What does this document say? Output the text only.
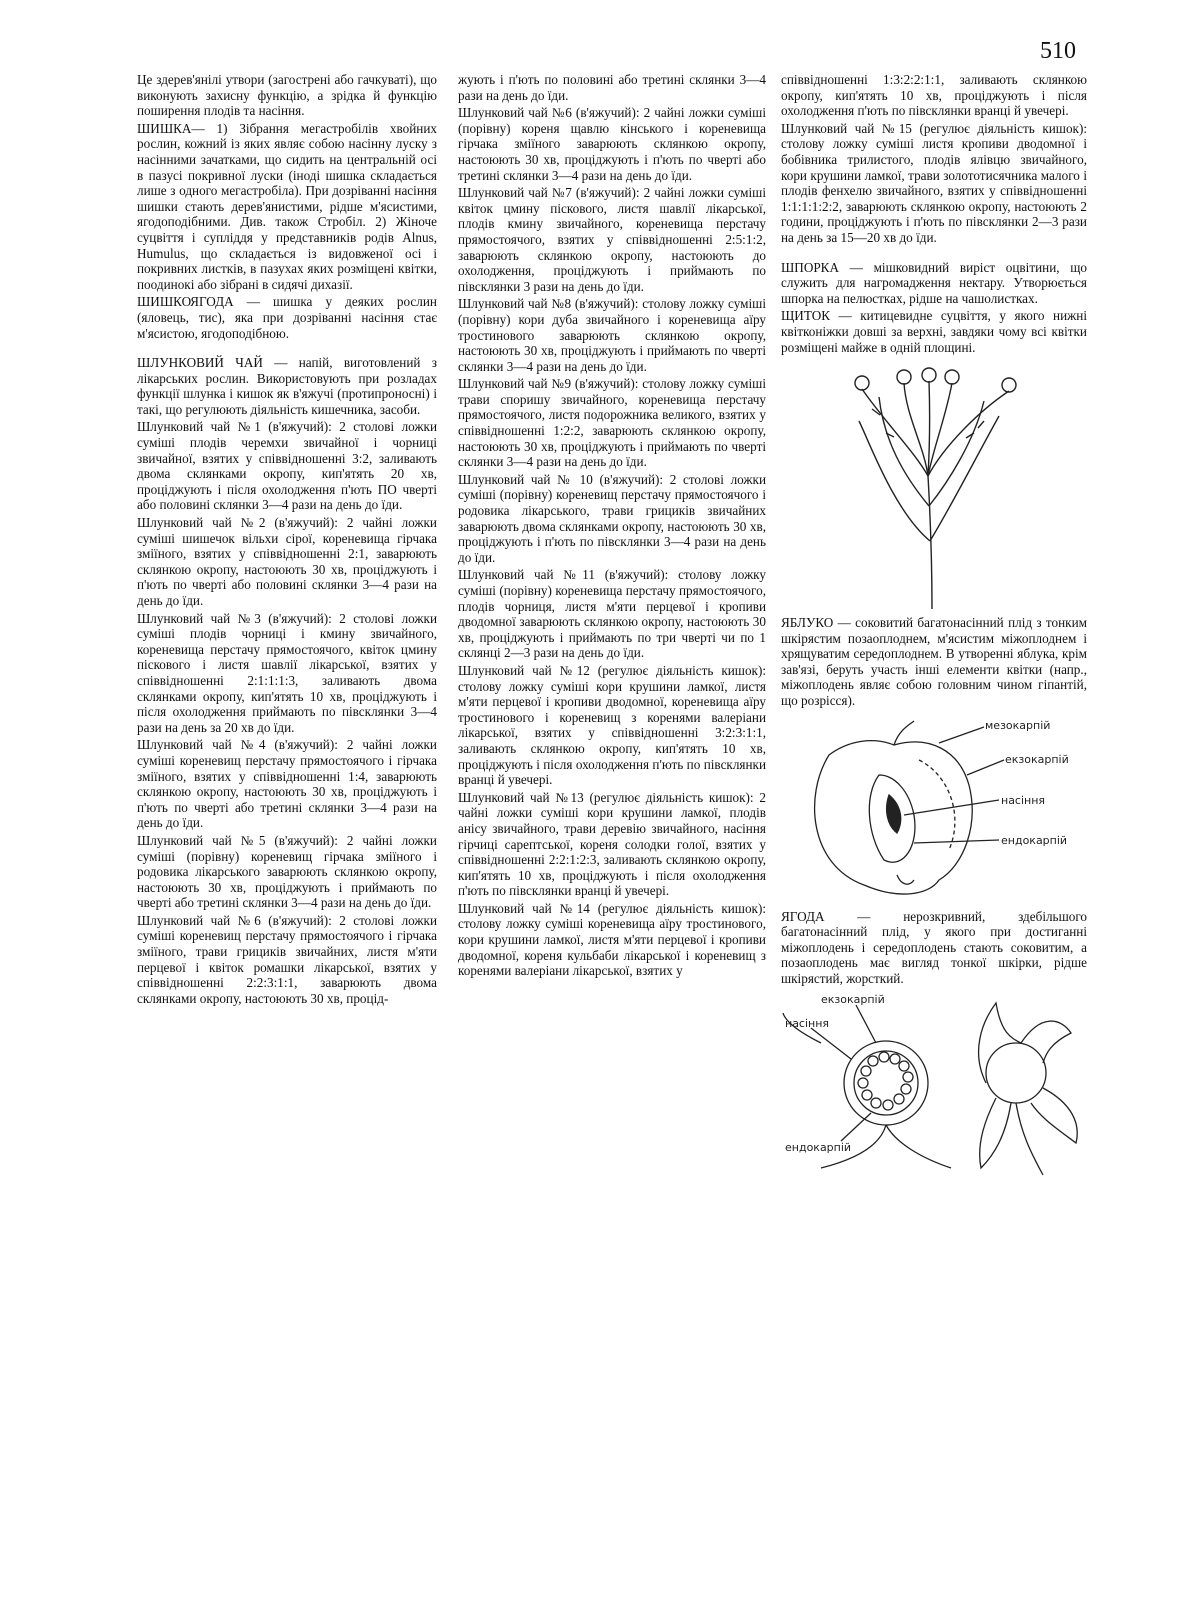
510

Це здерев'янілі утвори (загострені або гачкуваті), що виконують захисну функцію, а зрідка й функцію поширення плодів та насіння.

ШИШКА— 1) Зібрання мегастробілів хвойних рослин, кожний із яких являє собою насінну луску з насінними зачатками, що сидить на центральній осі в пазусі покривної луски (іноді шишка складається лише з одного мегастробіла). При дозріванні насіння шишки стають дерев'янистими, рідше м'ясистими, ягодоподібними. Див. також Стробіл. 2) Жіноче суцвіття і супліддя у представників родів Alnus, Humulus, що складається із видовженої осі і покривних листків, в пазухах яких розміщені квітки, поодинокі або зібрані в сидячі дихазії.

ШИШКОЯГОДА — шишка у деяких рослин (яловець, тис), яка при дозріванні насіння стає м'ясистою, ягодоподібною.

ШЛУНКОВИЙ ЧАЙ — напій, виготовлений з лікарських рослин. Використовують при розладах функції шлунка і кишок як в'яжучі (протипроносні) і такі, що регулюють діяльність кишечника, засоби.

Шлунковий чай №1 (в'яжучий): 2 столові ложки суміші плодів черемхи звичайної і чорниці звичайної, взятих у співвідношенні 3:2, заливають двома склянками окропу, кип'ятять 20 хв, проціджують і після охолодження п'ють ПО чверті або половині склянки 3—4 рази на день до їди.

Шлунковий чай №2 (в'яжучий): 2 чайні ложки суміші шишечок вільхи сірої, кореневища гірчака зміїного, взятих у співвідношенні 2:1, заварюють склянкою окропу, настоюють 30 хв, проціджують і п'ють по чверті або половині склянки 3—4 рази на день до їди.

Шлунковий чай №3 (в'яжучий): 2 столові ложки суміші плодів чорниці і кмину звичайного, кореневища перстачу прямостоячого, квіток цмину піскового і листя шавлії лікарської, взятих у співвідношенні 2:1:1:1:3, заливають двома склянками окропу, кип'ятять 10 хв, проціджують і після охолодження приймають по півсклянки 3—4 рази на день за 20 хв до їди.

Шлунковий чай №4 (в'яжучий): 2 чайні ложки суміші кореневищ перстачу прямостоячого і гірчака зміїного, взятих у співвідношенні 1:4, заварюють склянкою окропу, настоюють 30 хв, проціджують і п'ють по чверті або третині склянки 3—4 рази на день до їди.

Шлунковий чай №5 (в'яжучий): 2 чайні ложки суміші (порівну) кореневищ гірчака зміїного і родовика лікарського заварюють склянкою окропу, настоюють 30 хв, проціджують і приймають по чверті або третині склянки 3—4 рази на день до їди.

Шлунковий чай №6 (в'яжучий): 2 столові ложки суміші кореневищ перстачу прямостоячого і гірчака зміїного, трави грициків звичайних, листя м'яти перцевої і квіток ромашки лікарської, взятих у співвідношенні 2:2:3:1:1, заварюють двома склянками окропу, настоюють 30 хв, процід-

жують і п'ють по половині або третині склянки 3—4 рази на день до їди.

Шлунковий чай №6 (в'яжучий): 2 чайні ложки суміші (порівну) кореня щавлю кінського і кореневища гірчака зміїного заварюють склянкою окропу, настоюють 30 хв, проціджують і п'ють по чверті або третині склянки 3—4 рази на день до їди.

Шлунковий чай №7 (в'яжучий): 2 чайні ложки суміші квіток цмину піскового, листя шавлії лікарської, плодів кмину звичайного, кореневища перстачу прямостоячого, взятих у співвідношенні 2:5:1:2, заварюють склянкою окропу, настоюють до охолодження, проціджують і приймають по півсклянки 3 рази на день до їди.

Шлунковий чай №8 (в'яжучий): столову ложку суміші (порівну) кори дуба звичайного і кореневища аїру тростинового заварюють склянкою окропу, настоюють 30 хв, проціджують і приймають по чверті склянки 3—4 рази на день до їди.

Шлунковий чай №9 (в'яжучий): столову ложку суміші трави споришу звичайного, кореневища перстачу прямостоячого, листя подорожника великого, взятих у співвідношенні 1:2:2, заварюють склянкою окропу, настоюють 30 хв, проціджують і приймають по чверті склянки 3—4 рази на день до їди.

Шлунковий чай № 10 (в'яжучий): 2 столові ложки суміші (порівну) кореневищ перстачу прямостоячого і родовика лікарського, трави грициків звичайних заварюють двома склянками окропу, настоюють 30 хв, проціджують і п'ють по півсклянки 3—4 рази на день до їди.

Шлунковий чай №11 (в'яжучий): столову ложку суміші (порівну) кореневища перстачу прямостоячого, плодів чорниця, листя м'яти перцевої і кропиви дводомної заварюють склянкою окропу, настоюють 30 хв, проціджують і приймають по три чверті чи по 1 склянці 2—3 рази на день до їди.

Шлунковий чай №12 (регулює діяльність кишок): столову ложку суміші кори крушини ламкої, листя м'яти перцевої і кропиви дводомної, кореневища аїру тростинового і кореневищ з коренями валеріани лікарської, взятих у співвідношенні 3:2:3:1:1, заливають склянкою окропу, кип'ятять 10 хв, проціджують і після охолодження п'ють по півсклянки вранці й увечері.

Шлунковий чай №13 (регулює діяльність кишок): 2 чайні ложки суміші кори крушини ламкої, плодів анісу звичайного, трави деревію звичайного, насіння гірчиці сарептської, кореня солодки голої, взятих у співвідношенні 2:2:1:2:3, заливають склянкою окропу, кип'ятять 10 хв, проціджують і після охолодження п'ють по півсклянки вранці й увечері.

Шлунковий чай №14 (регулює діяльність кишок): столову ложку суміші кореневища аїру тростинового, кори крушини ламкої, листя м'яти перцевої і кропиви дводомної, кореня кульбаби лікарської і кореневищ з коренями валеріани лікарської, взятих у

співвідношенні 1:3:2:2:1:1, заливають склянкою окропу, кип'ятять 10 хв, проціджують і після охолодження п'ють по півсклянки вранці й увечері.

Шлунковий чай №15 (регулює діяльність кишок): столову ложку суміші листя кропиви дводомної і бобівника трилистого, плодів ялівцю звичайного, кори крушини ламкої, трави золототисячника малого і плодів фенхелю звичайного, взятих у співвідношенні 1:1:1:1:2:2, заварюють склянкою окропу, настоюють 2 години, проціджують і п'ють по півсклянки 2—3 рази на день за 15—20 хв до їди.

ШПОРКА — мішковидний виріст оцвітини, що служить для нагромадження нектару. Утворюється шпорка на пелюстках, рідше на чашолистках.

ЩИТОК — китицевидне суцвіття, у якого нижні квітконіжки довші за верхні, завдяки чому всі квітки розміщені майже в одній площині.

ЯБЛУКО — соковитий багатонасінний плід з тонким шкірястим позаоплоднем, м'ясистим міжоплоднем і хрящуватим середоплоднем. В утворенні яблука, крім зав'язі, беруть участь інші елементи квітки (напр., міжоплодень являє собою головним чином гіпантій, що розрісся).

мезокарпій
екзокарпій
насіння
ендокарпій

ЯГОДА — нерозкривний, здебільшого багатонасінний плід, у якого при достиганні міжоплодень і середоплодень стають соковитим, а позаоплодень має вигляд тонкої шкірки, рідше шкірястий, жорсткий.

екзокарпій
насіння
ендокарпій
